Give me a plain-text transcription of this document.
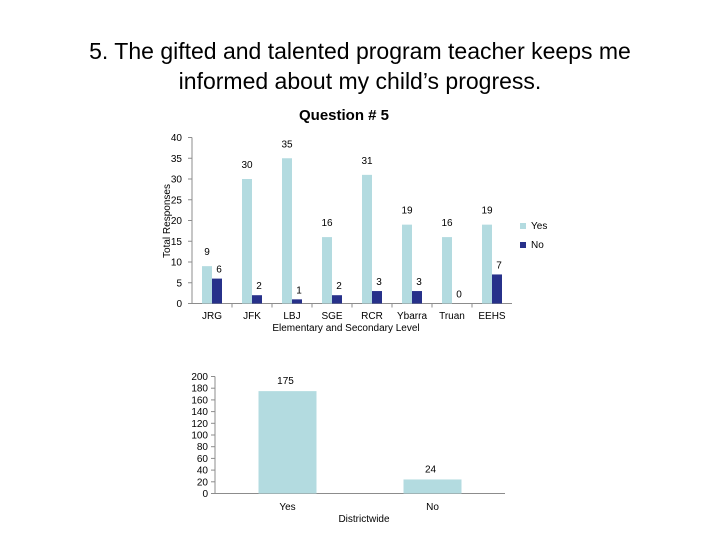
5. The gifted and talented program teacher keeps me
informed about my child’s progress.
Question # 5
Total Responses
Elementary and Secondary Level
Districtwide
0
5
10
15
20
25
30
35
40
JRG JFK LBJ SGE RCR Ybarra Truan EEHS
9
30
35
16
31
19
16
19
6
2	1	2	3	3
0
7
Yes
No
0
20
40
60
80
100
120
140
160
180
200	175
Yes
24
No
